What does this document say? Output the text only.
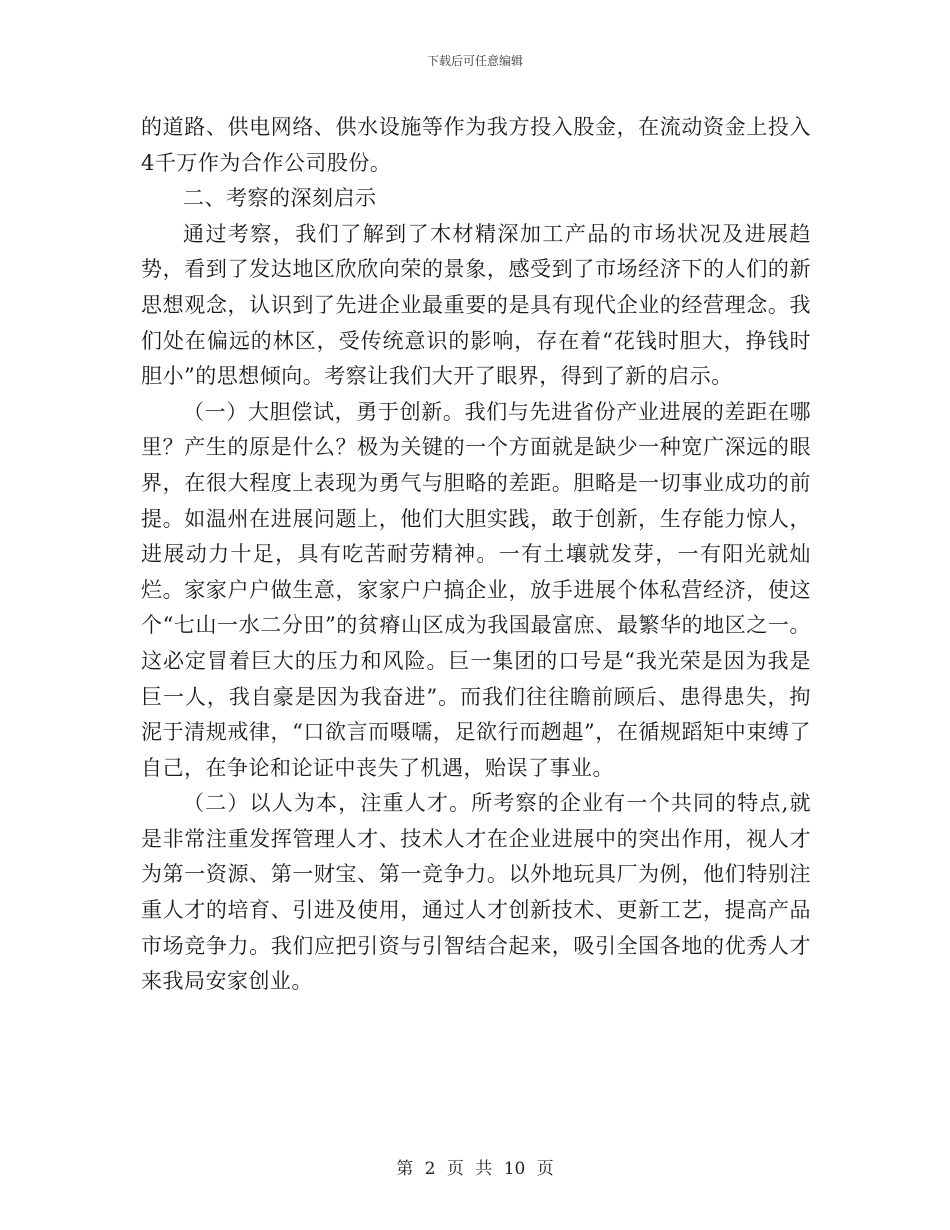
下载后可任意编辑

的道路、供电网络、供水设施等作为我方投入股金，在流动资金上投入4千万作为合作公司股份。

二、考察的深刻启示

通过考察，我们了解到了木材精深加工产品的市场状况及进展趋势，看到了发达地区欣欣向荣的景象，感受到了市场经济下的人们的新思想观念，认识到了先进企业最重要的是具有现代企业的经营理念。我们处在偏远的林区，受传统意识的影响，存在着“花钱时胆大，挣钱时胆小”的思想倾向。考察让我们大开了眼界，得到了新的启示。

（一）大胆偿试，勇于创新。我们与先进省份产业进展的差距在哪里？产生的原是什么？极为关键的一个方面就是缺少一种宽广深远的眼界，在很大程度上表现为勇气与胆略的差距。胆略是一切事业成功的前提。如温州在进展问题上，他们大胆实践，敢于创新，生存能力惊人，进展动力十足，具有吃苦耐劳精神。一有土壤就发芽，一有阳光就灿烂。家家户户做生意，家家户户搞企业，放手进展个体私营经济，使这个“七山一水二分田”的贫瘠山区成为我国最富庶、最繁华的地区之一。这必定冒着巨大的压力和风险。巨一集团的口号是“我光荣是因为我是巨一人，我自豪是因为我奋进”。而我们往往瞻前顾后、患得患失，拘泥于清规戒律，“口欲言而嗫嚅，足欲行而趔趄”，在循规蹈矩中束缚了自己，在争论和论证中丧失了机遇，贻误了事业。

（二）以人为本，注重人才。所考察的企业有一个共同的特点,就是非常注重发挥管理人才、技术人才在企业进展中的突出作用，视人才为第一资源、第一财宝、第一竞争力。以外地玩具厂为例，他们特别注重人才的培育、引进及使用，通过人才创新技术、更新工艺，提高产品市场竞争力。我们应把引资与引智结合起来，吸引全国各地的优秀人才来我局安家创业。

第 2 页 共 10 页
